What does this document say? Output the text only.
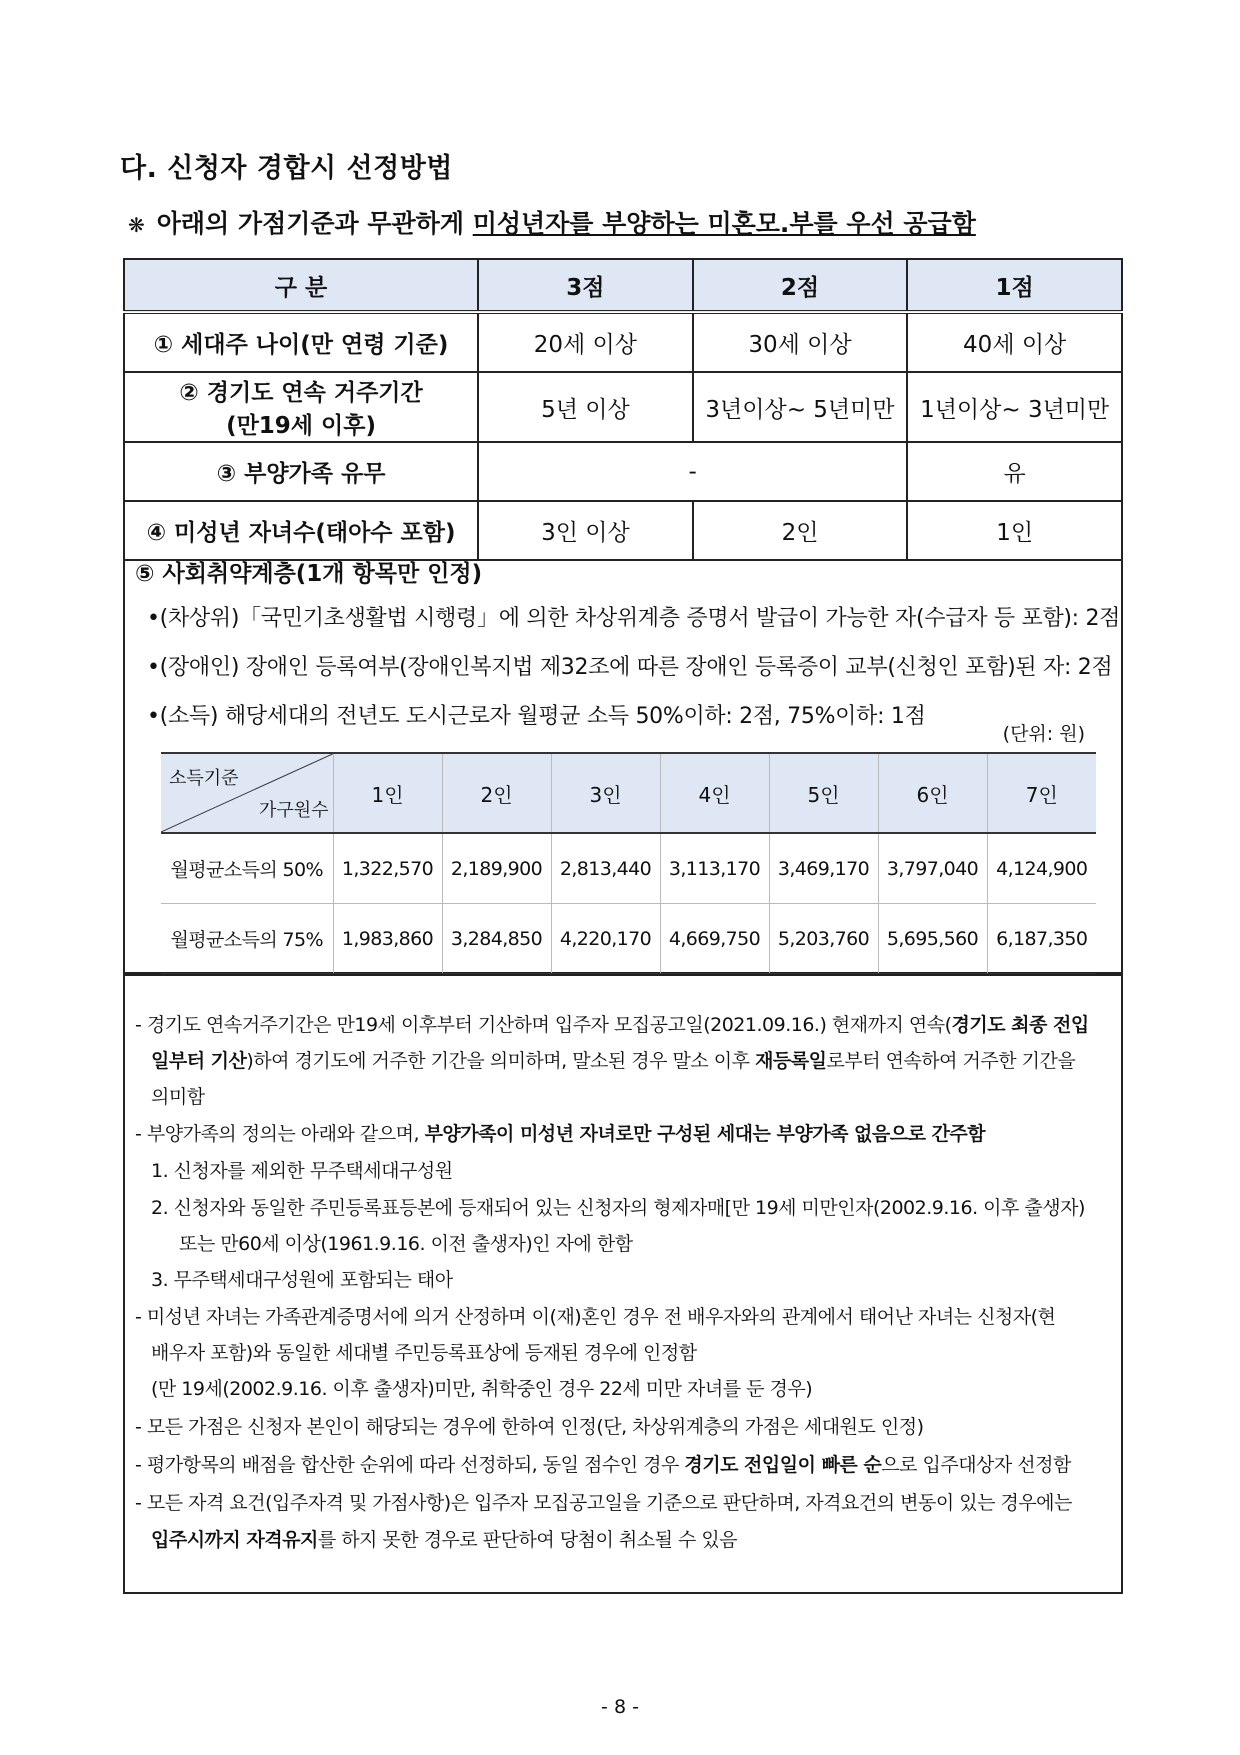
다. 신청자 경합시 선정방법
❋ 아래의 가점기준과 무관하게 미성년자를 부양하는 미혼모.부를 우선 공급함
구 분	3점	2점	1점
① 세대주 나이(만 연령 기준)	20세 이상	30세 이상	40세 이상
② 경기도 연속 거주기간
(만19세 이후)	5년 이상	3년이상~ 5년미만	1년이상~ 3년미만
③ 부양가족 유무	-		유
④ 미성년 자녀수(태아수 포함)	3인 이상	2인	1인
⑤ 사회취약계층(1개 항목만 인정)
•(차상위)「국민기초생활법 시행령」에 의한 차상위계층 증명서 발급이 가능한 자(수급자 등 포함): 2점
•(장애인) 장애인 등록여부(장애인복지법 제32조에 따른 장애인 등록증이 교부(신청인 포함)된 자: 2점
•(소득) 해당세대의 전년도 도시근로자 월평균 소득 50%이하: 2점, 75%이하: 1점
(단위: 원)
소득기준
가구원수	1인	2인	3인	4인	5인	6인	7인
월평균소득의 50%	1,322,570	2,189,900	2,813,440	3,113,170	3,469,170	3,797,040	4,124,900
월평균소득의 75%	1,983,860	3,284,850	4,220,170	4,669,750	5,203,760	5,695,560	6,187,350

- 경기도 연속거주기간은 만19세 이후부터 기산하며 입주자 모집공고일(2021.09.16.) 현재까지 연속(경기도 최종 전입

일부터 기산)하여 경기도에 거주한 기간을 의미하며, 말소된 경우 말소 이후 재등록일로부터 연속하여 거주한 기간을

의미함

- 부양가족의 정의는 아래와 같으며, 부양가족이 미성년 자녀로만 구성된 세대는 부양가족 없음으로 간주함

1. 신청자를 제외한 무주택세대구성원

2. 신청자와 동일한 주민등록표등본에 등재되어 있는 신청자의 형제자매[만 19세 미만인자(2002.9.16. 이후 출생자)

또는 만60세 이상(1961.9.16. 이전 출생자)인 자에 한함

3. 무주택세대구성원에 포함되는 태아

- 미성년 자녀는 가족관계증명서에 의거 산정하며 이(재)혼인 경우 전 배우자와의 관계에서 태어난 자녀는 신청자(현

배우자 포함)와 동일한 세대별 주민등록표상에 등재된 경우에 인정함

(만 19세(2002.9.16. 이후 출생자)미만, 취학중인 경우 22세 미만 자녀를 둔 경우)

- 모든 가점은 신청자 본인이 해당되는 경우에 한하여 인정(단, 차상위계층의 가점은 세대원도 인정)

- 평가항목의 배점을 합산한 순위에 따라 선정하되, 동일 점수인 경우 경기도 전입일이 빠른 순으로 입주대상자 선정함

- 모든 자격 요건(입주자격 및 가점사항)은 입주자 모집공고일을 기준으로 판단하며, 자격요건의 변동이 있는 경우에는

입주시까지 자격유지를 하지 못한 경우로 판단하여 당첨이 취소될 수 있음

- 8 -
